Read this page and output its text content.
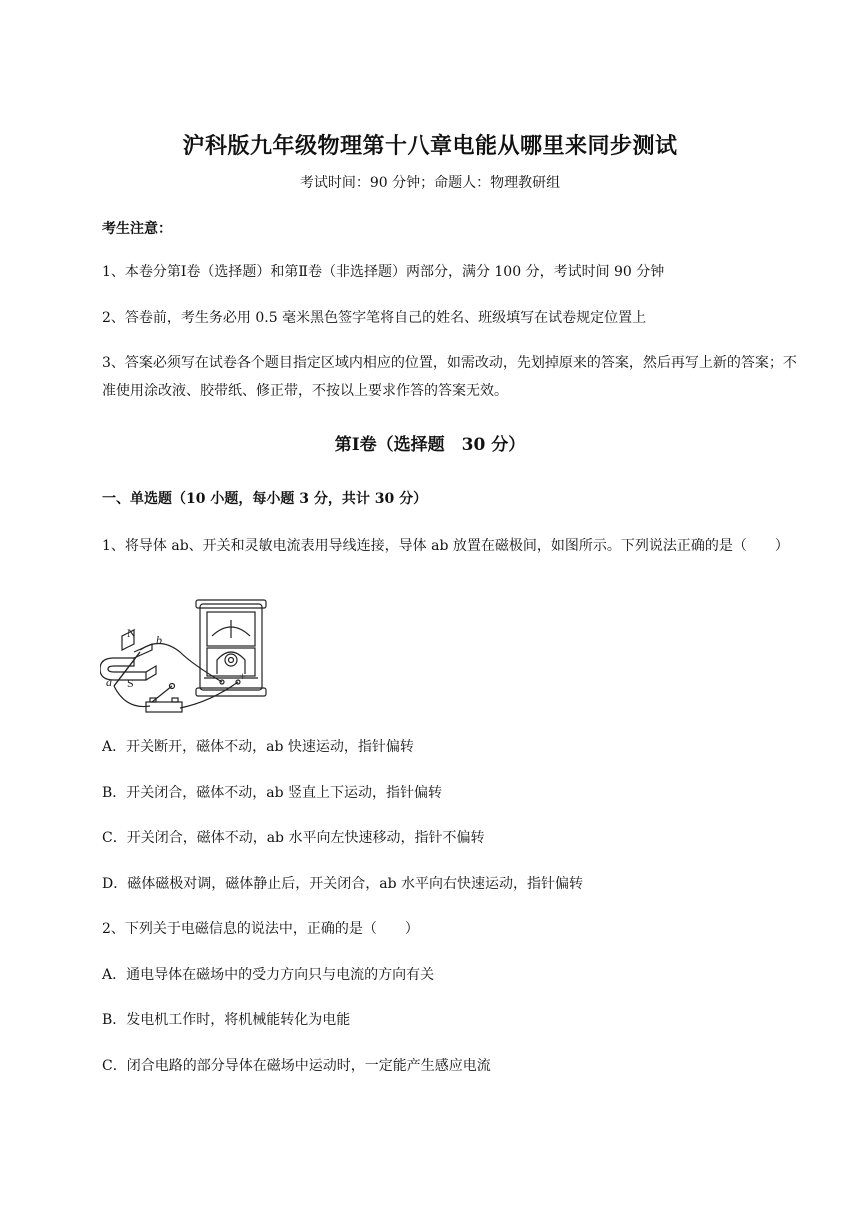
沪科版九年级物理第十八章电能从哪里来同步测试
考试时间：90 分钟；命题人：物理教研组
考生注意：
1、本卷分第Ⅰ卷（选择题）和第Ⅱ卷（非选择题）两部分，满分 100 分，考试时间 90 分钟
2、答卷前，考生务必用 0.5 毫米黑色签字笔将自己的姓名、班级填写在试卷规定位置上
3、答案必须写在试卷各个题目指定区域内相应的位置，如需改动，先划掉原来的答案，然后再写上新的答案；不准使用涂改液、胶带纸、修正带，不按以上要求作答的答案无效。
第Ⅰ卷（选择题　30 分）
一、单选题（10 小题，每小题 3 分，共计 30 分）
1、将导体 ab、开关和灵敏电流表用导线连接，导体 ab 放置在磁极间，如图所示。下列说法正确的是（　　）
N
S
a
b
+
A．开关断开，磁体不动，ab 快速运动，指针偏转
B．开关闭合，磁体不动，ab 竖直上下运动，指针偏转
C．开关闭合，磁体不动，ab 水平向左快速移动，指针不偏转
D．磁体磁极对调，磁体静止后，开关闭合，ab 水平向右快速运动，指针偏转
2、下列关于电磁信息的说法中，正确的是（　　）
A．通电导体在磁场中的受力方向只与电流的方向有关
B．发电机工作时，将机械能转化为电能
C．闭合电路的部分导体在磁场中运动时，一定能产生感应电流
